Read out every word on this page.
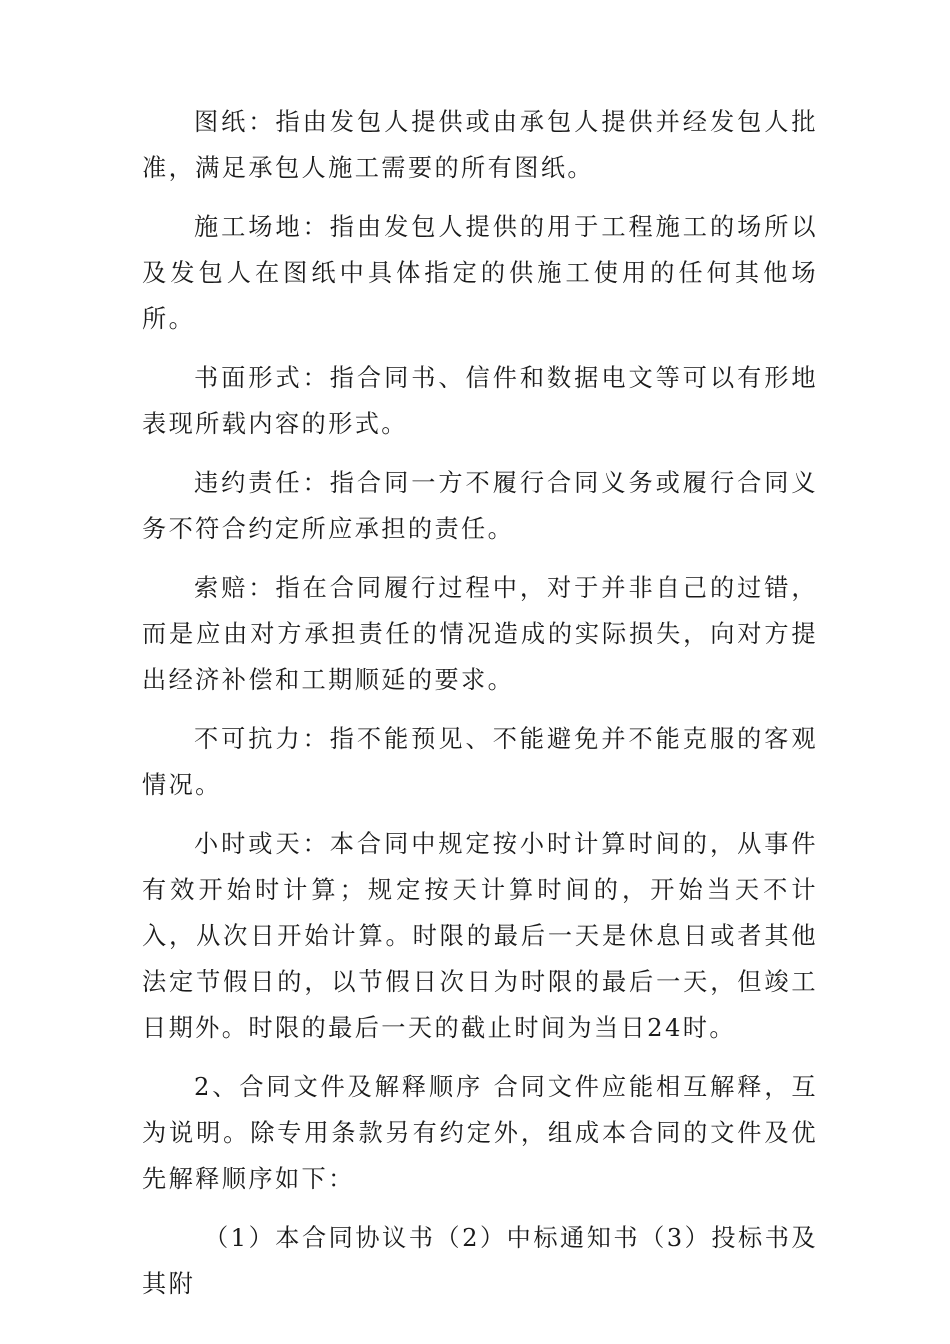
图纸：指由发包人提供或由承包人提供并经发包人批准，满足承包人施工需要的所有图纸。

施工场地：指由发包人提供的用于工程施工的场所以及发包人在图纸中具体指定的供施工使用的任何其他场所。

书面形式：指合同书、信件和数据电文等可以有形地表现所载内容的形式。

违约责任：指合同一方不履行合同义务或履行合同义务不符合约定所应承担的责任。

索赔：指在合同履行过程中，对于并非自己的过错，而是应由对方承担责任的情况造成的实际损失，向对方提出经济补偿和工期顺延的要求。

不可抗力：指不能预见、不能避免并不能克服的客观情况。

小时或天：本合同中规定按小时计算时间的，从事件有效开始时计算；规定按天计算时间的，开始当天不计入，从次日开始计算。时限的最后一天是休息日或者其他法定节假日的，以节假日次日为时限的最后一天，但竣工日期外。时限的最后一天的截止时间为当日24时。

2、合同文件及解释顺序 合同文件应能相互解释，互为说明。除专用条款另有约定外，组成本合同的文件及优先解释顺序如下：

（1）本合同协议书（2）中标通知书（3）投标书及其附
